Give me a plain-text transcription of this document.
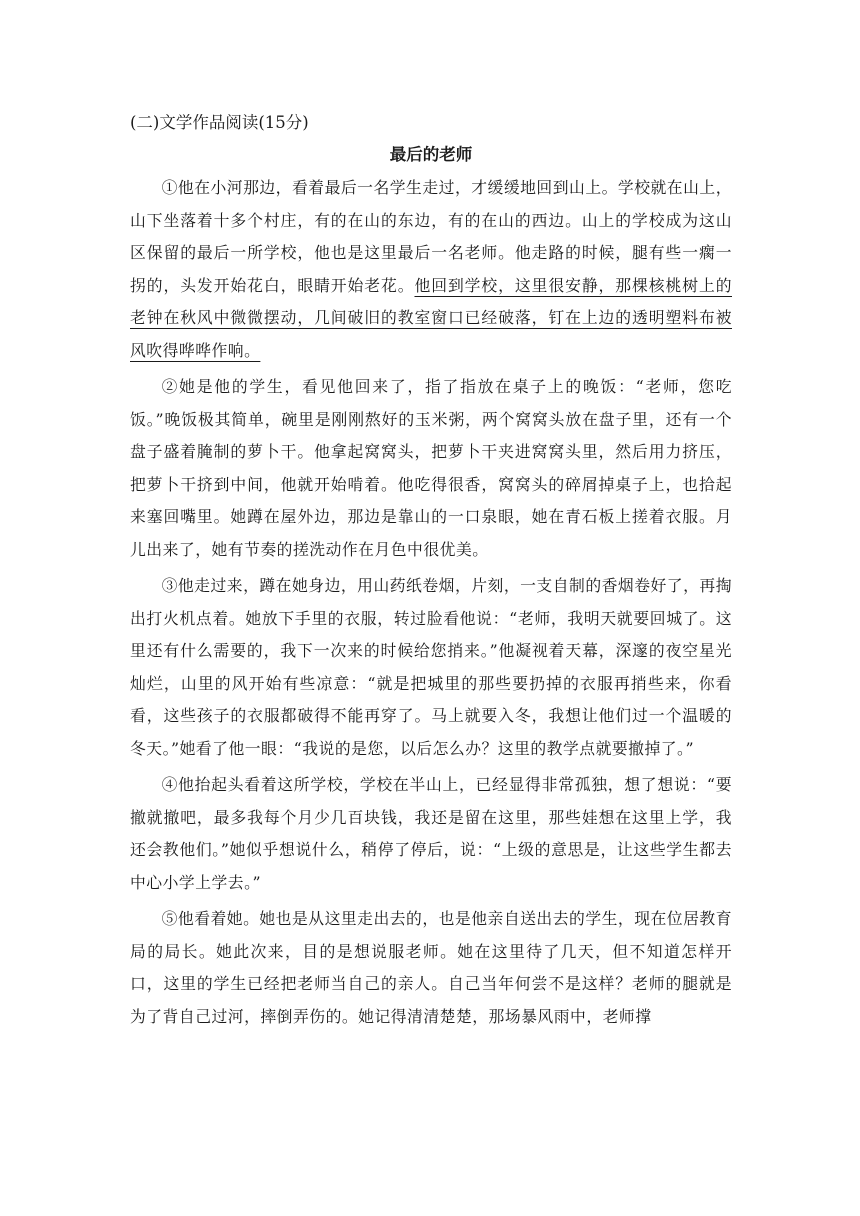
(二)文学作品阅读(15分)

最后的老师

①他在小河那边，看着最后一名学生走过，才缓缓地回到山上。学校就在山上，山下坐落着十多个村庄，有的在山的东边，有的在山的西边。山上的学校成为这山区保留的最后一所学校，他也是这里最后一名老师。他走路的时候，腿有些一瘸一拐的，头发开始花白，眼睛开始老花。他回到学校，这里很安静，那棵核桃树上的老钟在秋风中微微摆动，几间破旧的教室窗口已经破落，钉在上边的透明塑料布被风吹得哗哗作响。

②她是他的学生，看见他回来了，指了指放在桌子上的晚饭：“老师，您吃饭。”晚饭极其简单，碗里是刚刚熬好的玉米粥，两个窝窝头放在盘子里，还有一个盘子盛着腌制的萝卜干。他拿起窝窝头，把萝卜干夹进窝窝头里，然后用力挤压，把萝卜干挤到中间，他就开始啃着。他吃得很香，窝窝头的碎屑掉桌子上，也拾起来塞回嘴里。她蹲在屋外边，那边是靠山的一口泉眼，她在青石板上搓着衣服。月儿出来了，她有节奏的搓洗动作在月色中很优美。

③他走过来，蹲在她身边，用山药纸卷烟，片刻，一支自制的香烟卷好了，再掏出打火机点着。她放下手里的衣服，转过脸看他说：“老师，我明天就要回城了。这里还有什么需要的，我下一次来的时候给您捎来。”他凝视着天幕，深邃的夜空星光灿烂，山里的风开始有些凉意：“就是把城里的那些要扔掉的衣服再捎些来，你看看，这些孩子的衣服都破得不能再穿了。马上就要入冬，我想让他们过一个温暖的冬天。”她看了他一眼：“我说的是您，以后怎么办？这里的教学点就要撤掉了。”

④他抬起头看着这所学校，学校在半山上，已经显得非常孤独，想了想说：“要撤就撤吧，最多我每个月少几百块钱，我还是留在这里，那些娃想在这里上学，我还会教他们。”她似乎想说什么，稍停了停后，说：“上级的意思是，让这些学生都去中心小学上学去。”

⑤他看着她。她也是从这里走出去的，也是他亲自送出去的学生，现在位居教育局的局长。她此次来，目的是想说服老师。她在这里待了几天，但不知道怎样开口，这里的学生已经把老师当自己的亲人。自己当年何尝不是这样？老师的腿就是为了背自己过河，摔倒弄伤的。她记得清清楚楚，那场暴风雨中，老师撑
